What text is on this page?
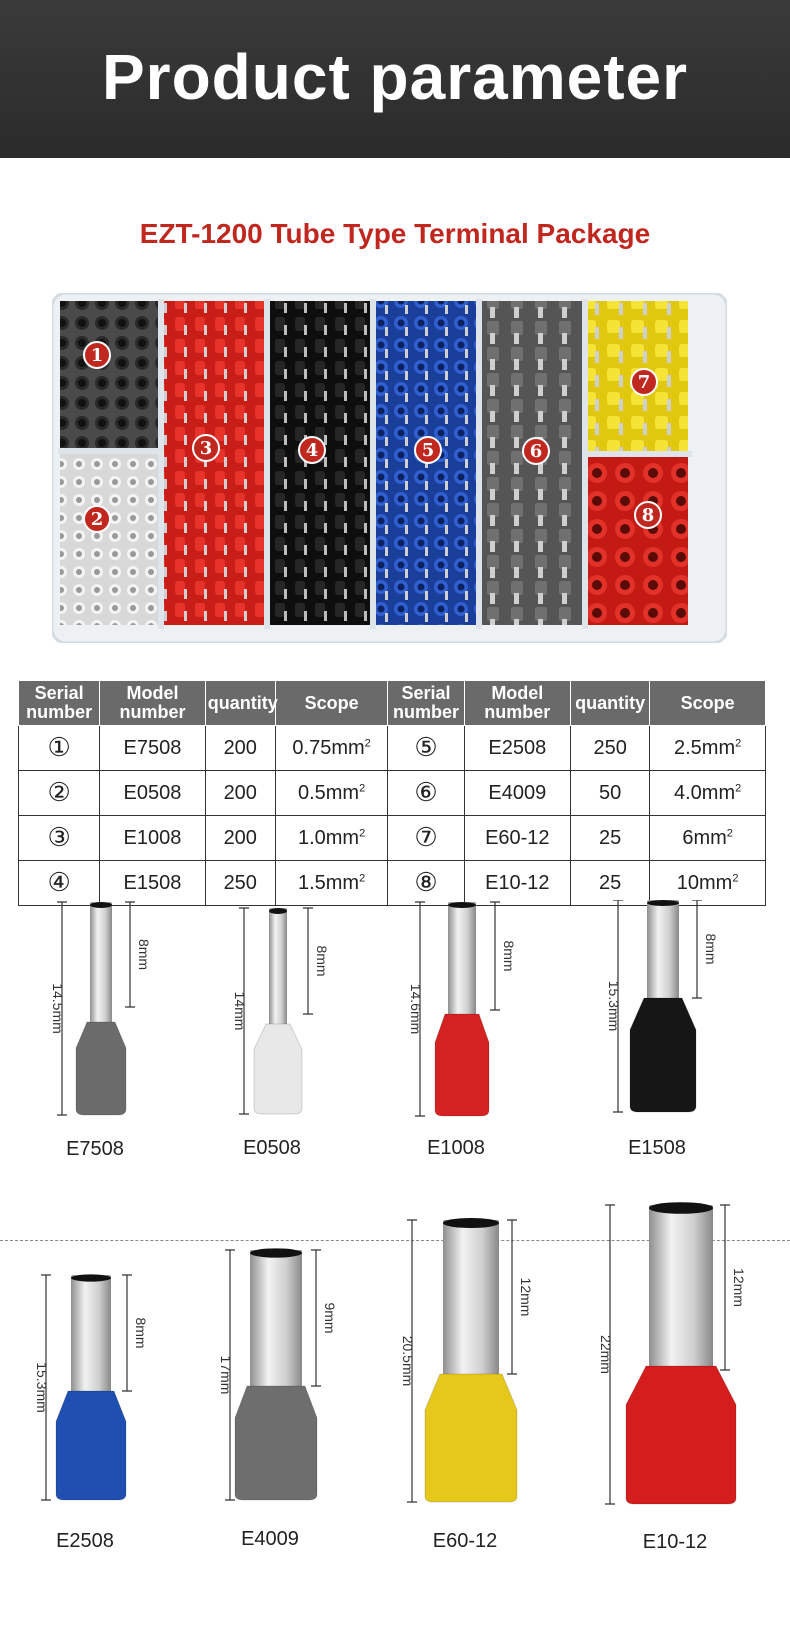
Product parameter
EZT-1200 Tube Type Terminal Package
1
2
3	4	5	6
7
8
Serial number	Model number	quantity	Scope	Serial number	Model number	quantity	Scope
①	E7508	200	$0.75mm^2$	⑤	E2508	250	$2.5mm^2$
②	E0508	200	$0.5mm^2$	⑥	E4009	50	$4.0mm^2$
③	E1008	200	$1.0mm^2$	⑦	E60-12	25	$6mm^2$
④	E1508	250	$1.5mm^2$	⑧	E10-12	25	$10mm^2$
14.5mm
8mm
E7508
14mm
8mm
E0508
14.6mm
8mm
E1008
15.3mm
8mm
E1508
15.3mm
8mm
E2508
17mm
9mm
E4009
20.5mm
12mm
E60-12
22mm
12mm
E10-12
